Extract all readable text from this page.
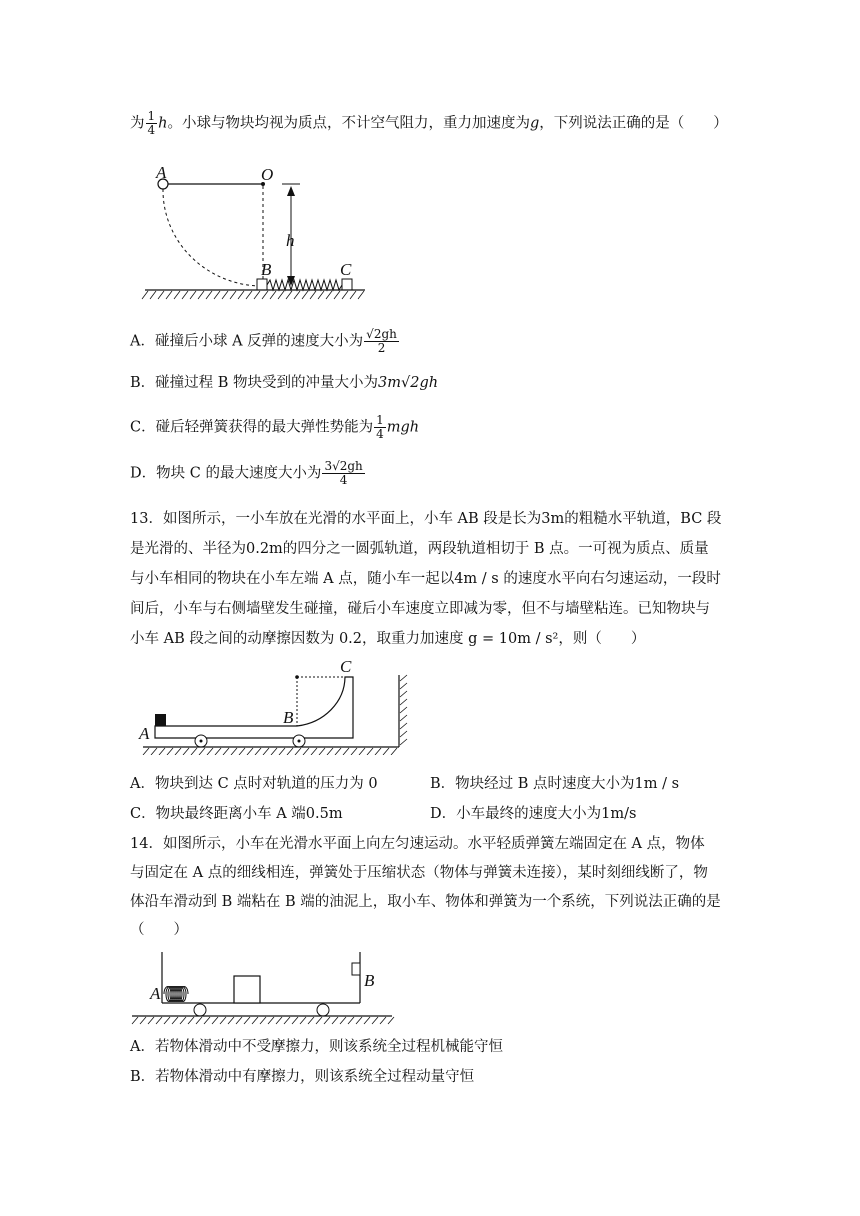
为 $\frac{1}{4}$ h。小球与物块均视为质点，不计空气阻力，重力加速度为g，下列说法正确的是（　　）
A	O
h
B	C
A．碰撞后小球 A 反弹的速度大小为 $\frac{√2gh}{2}$
B．碰撞过程 B 物块受到的冲量大小为3m√2gh
C．碰后轻弹簧获得的最大弹性势能为 $\frac{1}{4}$ mgh
D．物块 C 的最大速度大小为 $\frac{3√2gh}{4}$
13．如图所示，一小车放在光滑的水平面上，小车 AB 段是长为3m的粗糙水平轨道，BC 段
是光滑的、半径为0.2m的四分之一圆弧轨道，两段轨道相切于 B 点。一可视为质点、质量
与小车相同的物块在小车左端 A 点，随小车一起以4m / s 的速度水平向右匀速运动，一段时
间后，小车与右侧墙壁发生碰撞，碰后小车速度立即减为零，但不与墙壁粘连。已知物块与
小车 AB 段之间的动摩擦因数为 0.2，取重力加速度 g = 10m / s²，则（　　）
A
B
C
A．物块到达 C 点时对轨道的压力为 0	B．物块经过 B 点时速度大小为1m / s
C．物块最终距离小车 A 端0.5m	D．小车最终的速度大小为1m/s
14．如图所示，小车在光滑水平面上向左匀速运动。水平轻质弹簧左端固定在 A 点，物体
与固定在 A 点的细线相连，弹簧处于压缩状态（物体与弹簧未连接），某时刻细线断了，物
体沿车滑动到 B 端粘在 B 端的油泥上，取小车、物体和弹簧为一个系统，下列说法正确的是
（　　）
A
B
A．若物体滑动中不受摩擦力，则该系统全过程机械能守恒
B．若物体滑动中有摩擦力，则该系统全过程动量守恒
